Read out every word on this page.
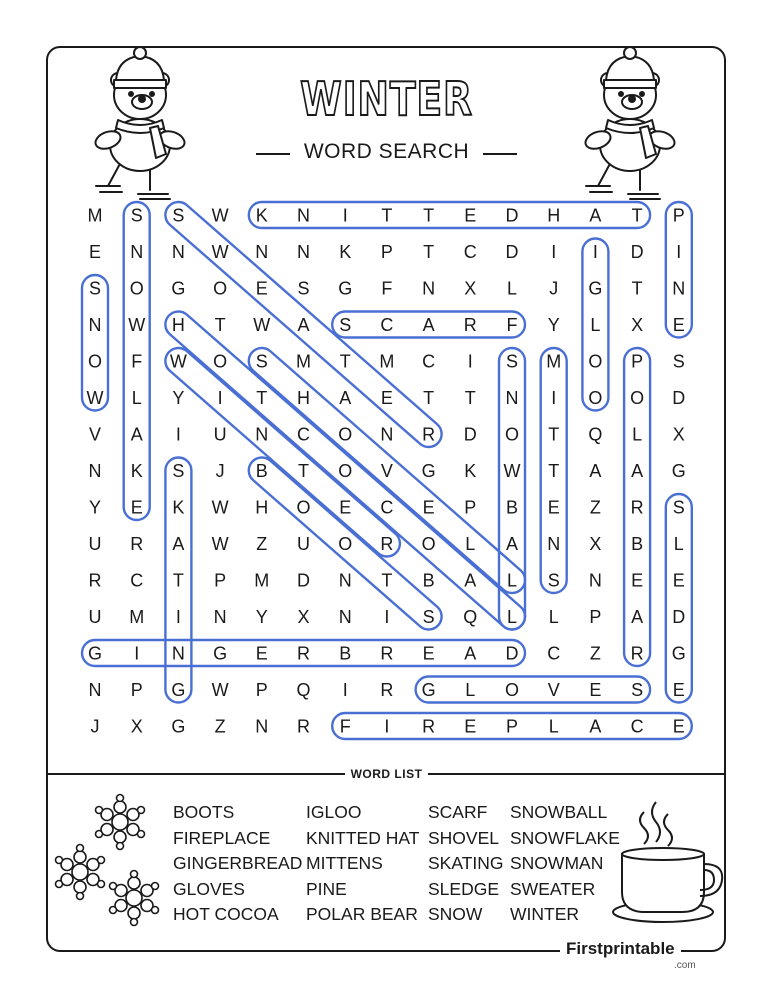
WINTER
WORD SEARCH
M S S W K N I T T E D H A T P
E N N W N N K P T C D I I D I
S O G O E S G F N X L J G T N
N W H T W A S C A R F Y L X E
O F W O S M T M C I S M O P S
W L Y I T H A E T T N I O O D
V A I U N C O N R D O T Q L X
N K S J B T O V G K W T A A G
Y E K W H O E C E P B E Z R S
U R A W Z U O R O L A N X B L
R C T P M D N T B A L S N E E
U M I N Y X N I S Q L L P A D
G I N G E R B R E A D C Z R G
N P G W P Q I R G L O V E S E
J X G Z N R F I R E P L A C E
WORD LIST
BOOTS
FIREPLACE
GINGERBREAD
GLOVES
HOT COCOA
IGLOO
KNITTED HAT
MITTENS
PINE
POLAR BEAR
SCARF
SHOVEL
SKATING
SLEDGE
SNOW
SNOWBALL
SNOWFLAKE
SNOWMAN
SWEATER
WINTER
Firstprintable
.com
